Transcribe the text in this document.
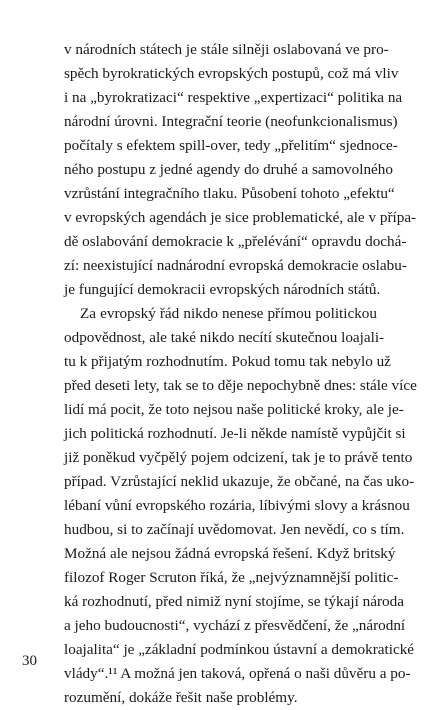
v národních státech je stále silněji oslabovaná ve pro-
spěch byrokratických evropských postupů, což má vliv
i na „byrokratizaci“ respektive „expertizaci“ politika na
národní úrovni. Integrační teorie (neofunkcionalismus)
počítaly s efektem spill-over, tedy „přelitím“ sjednoce-
ného postupu z jedné agendy do druhé a samovolného
vzrůstání integračního tlaku. Působení tohoto „efektu“
v evropských agendách je sice problematické, ale v přípa-
dě oslabování demokracie k „přelévání“ opravdu dochá-
zí: neexistující nadnárodní evropská demokracie oslabu-
je fungující demokracii evropských národních států.
Za evropský řád nikdo nenese přímou politickou
odpovědnost, ale také nikdo necítí skutečnou loajali-
tu k přijatým rozhodnutím. Pokud tomu tak nebylo už
před deseti lety, tak se to děje nepochybně dnes: stále více
lidí má pocit, že toto nejsou naše politické kroky, ale je-
jich politická rozhodnutí. Je-li někde namístě vypůjčit si
již poněkud vyčpělý pojem odcizení, tak je to právě tento
případ. Vzrůstající neklid ukazuje, že občané, na čas uko-
lébaní vůní evropského rozária, líbivými slovy a krásnou
hudbou, si to začínají uvědomovat. Jen nevědí, co s tím.
Možná ale nejsou žádná evropská řešení. Když britský
filozof Roger Scruton říká, že „nejvýznamnější politic-
ká rozhodnutí, před nimiž nyní stojíme, se týkají národa
a jeho budoucnosti“, vychází z přesvědčení, že „národní
loajalita“ je „základní podmínkou ústavní a demokratické
vlády“.¹¹ A možná jen taková, opřená o naši důvěru a po-
rozumění, dokáže řešit naše problémy.
30
